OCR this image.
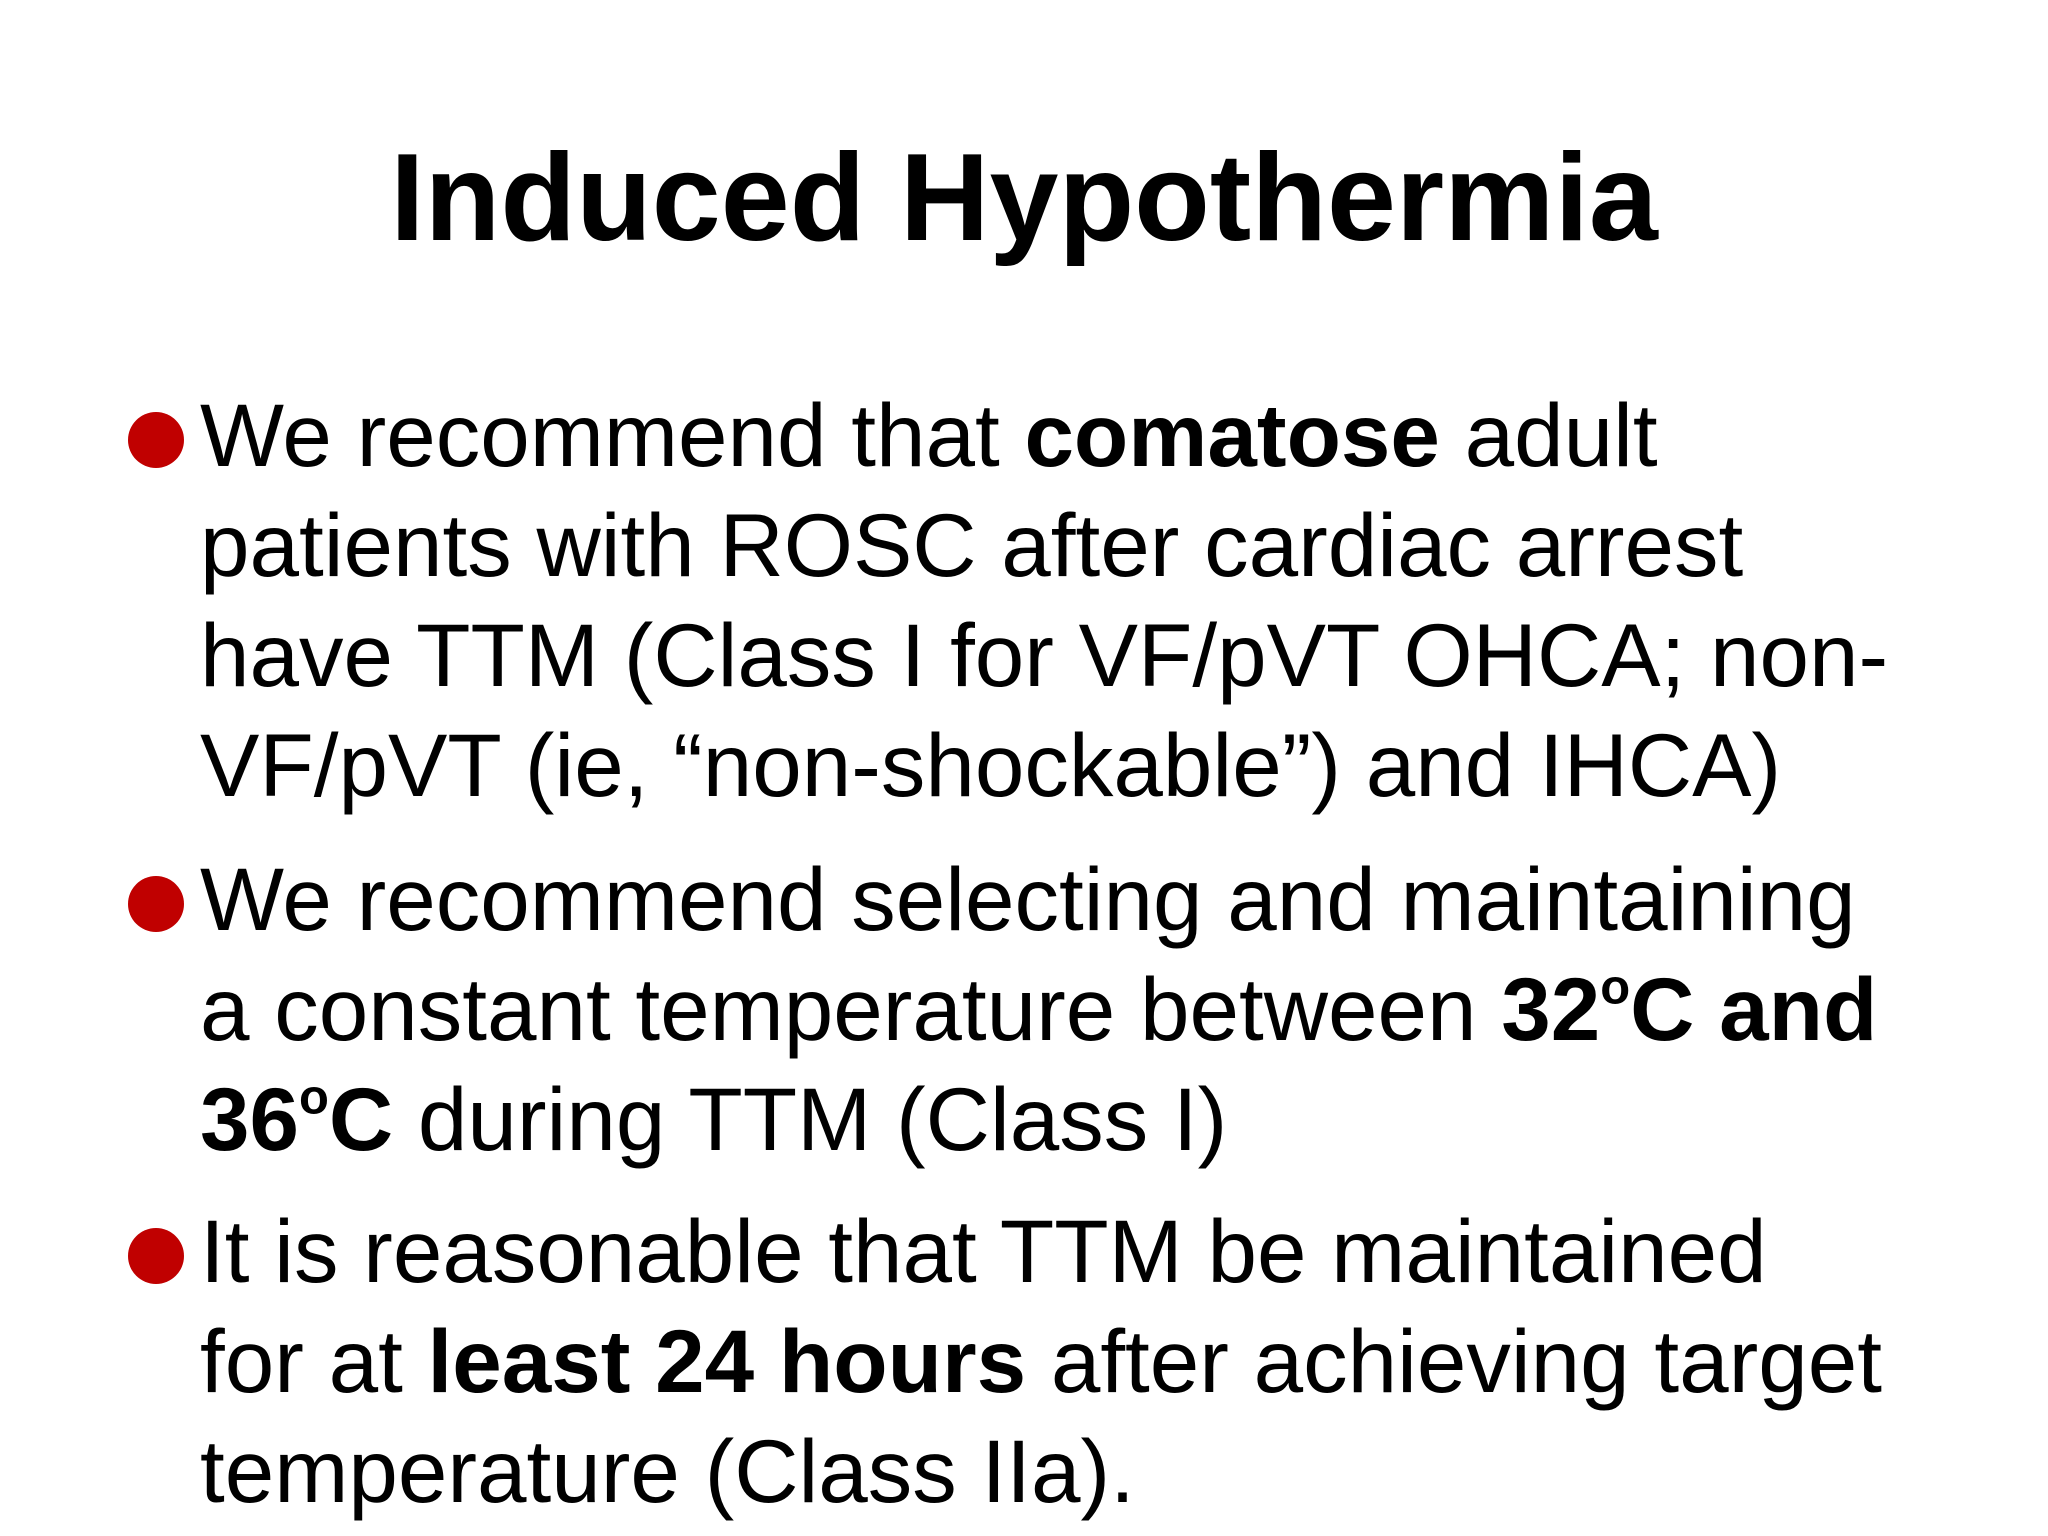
Induced Hypothermia
We recommend that comatose adult
patients with ROSC after cardiac arrest
have TTM (Class I for VF/pVT OHCA; non-
VF/pVT (ie, “non-shockable”) and IHCA)
We recommend selecting and maintaining
a constant temperature between 32$^o$C and
36$^o$C during TTM (Class I)
It is reasonable that TTM be maintained
for at least 24 hours after achieving target
temperature (Class IIa).
